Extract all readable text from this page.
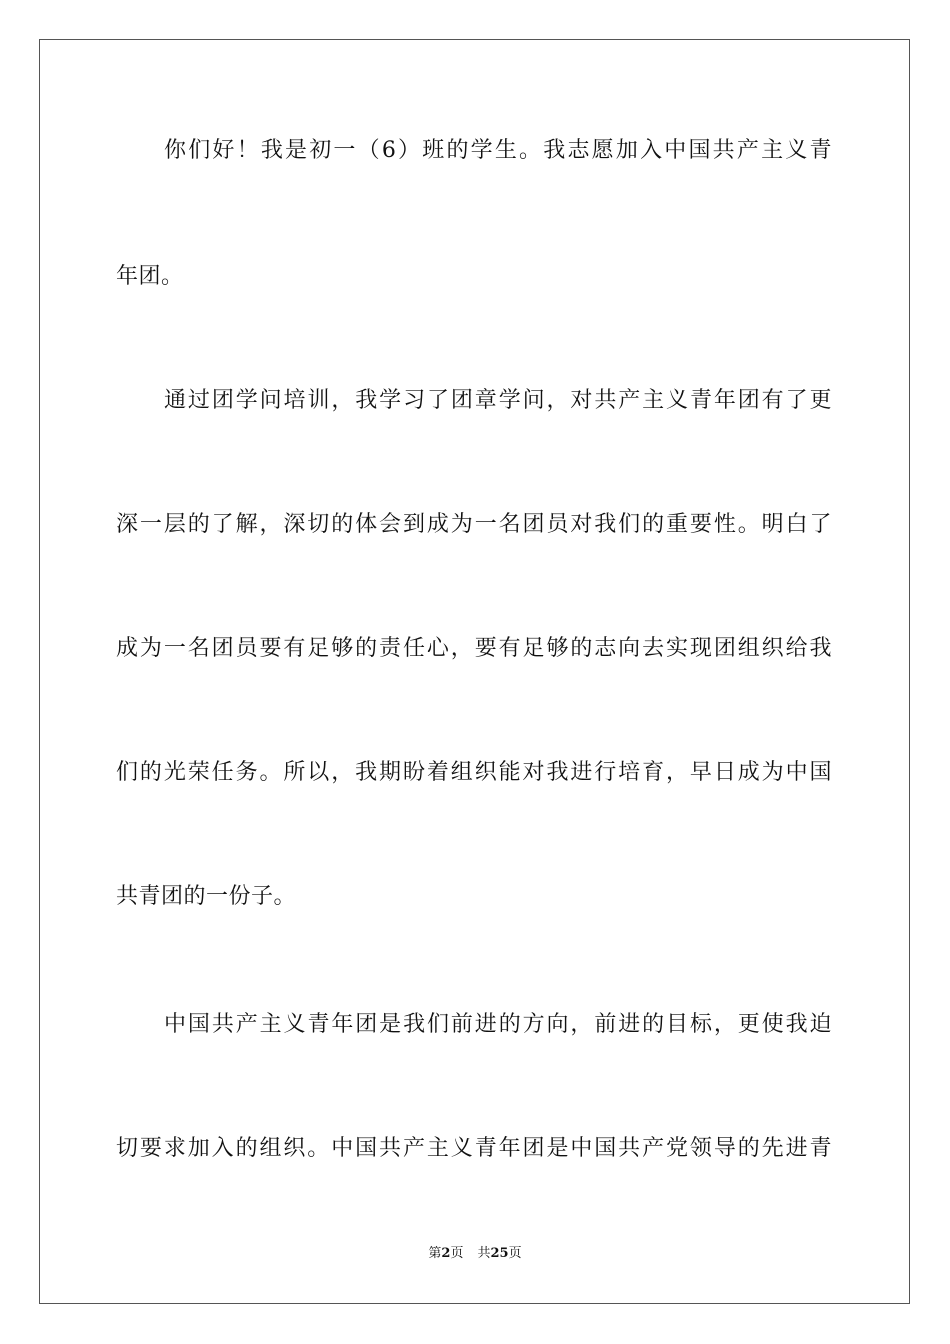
你们好！我是初一（6）班的学生。我志愿加入中国共产主义青
年团。
通过团学问培训，我学习了团章学问，对共产主义青年团有了更
深一层的了解，深切的体会到成为一名团员对我们的重要性。明白了
成为一名团员要有足够的责任心，要有足够的志向去实现团组织给我
们的光荣任务。所以，我期盼着组织能对我进行培育，早日成为中国
共青团的一份子。
中国共产主义青年团是我们前进的方向，前进的目标，更使我迫
切要求加入的组织。中国共产主义青年团是中国共产党领导的先进青
第2页 共25页
